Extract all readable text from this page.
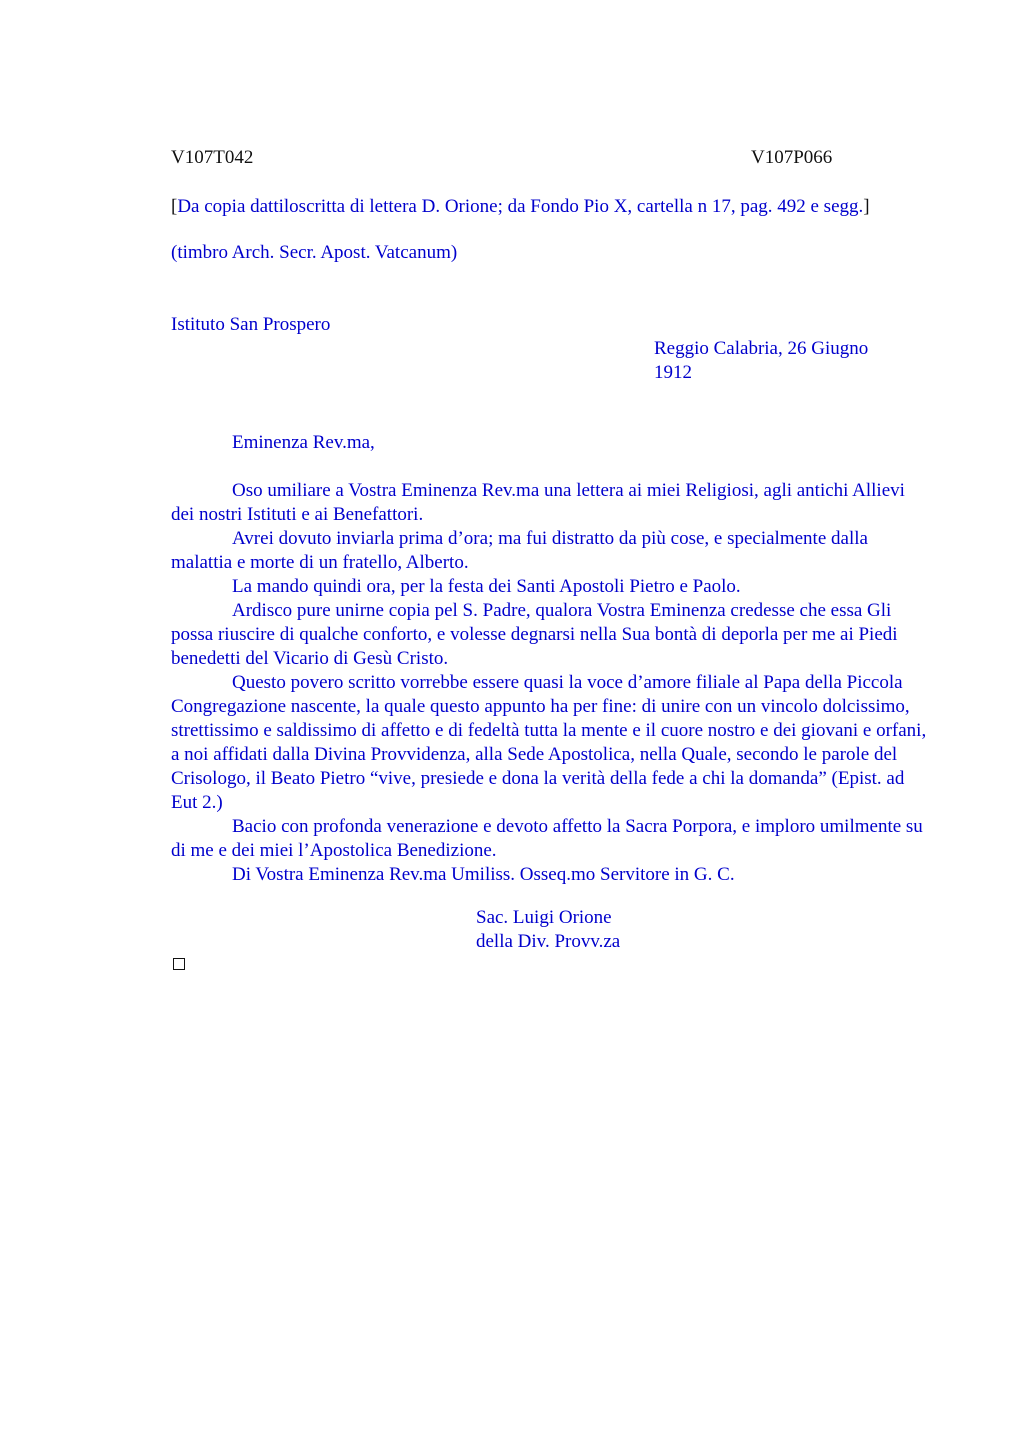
V107T042	V107P066
[Da copia dattiloscritta di lettera D. Orione; da Fondo Pio X, cartella n 17, pag. 492 e segg.]
(timbro Arch. Secr. Apost. Vatcanum)
Istituto San Prospero
Reggio Calabria, 26 Giugno 1912
Eminenza Rev.ma,

Oso umiliare a Vostra Eminenza Rev.ma una lettera ai miei Religiosi, agli antichi Allievi dei nostri Istituti e ai Benefattori.

Avrei dovuto inviarla prima d’ora; ma fui distratto da più cose, e specialmente dalla malattia e morte di un fratello, Alberto.

La mando quindi ora, per la festa dei Santi Apostoli Pietro e Paolo.

Ardisco pure unirne copia pel S. Padre, qualora Vostra Eminenza credesse che essa Gli possa riuscire di qualche conforto, e volesse degnarsi nella Sua bontà di deporla per me ai Piedi benedetti del Vicario di Gesù Cristo.

Questo povero scritto vorrebbe essere quasi la voce d’amore filiale al Papa della Piccola Congregazione nascente, la quale questo appunto ha per fine: di unire con un vincolo dolcissimo, strettissimo e saldissimo di affetto e di fedeltà tutta la mente e il cuore nostro e dei giovani e orfani, a noi affidati dalla Divina Provvidenza, alla Sede Apostolica, nella Quale, secondo le parole del Crisologo, il Beato Pietro “vive, presiede e dona la verità della fede a chi la domanda” (Epist. ad Eut 2.)

Bacio con profonda venerazione e devoto affetto la Sacra Porpora, e imploro umilmente su di me e dei miei l’Apostolica Benedizione.

Di Vostra Eminenza Rev.ma Umiliss. Osseq.mo Servitore in G. C.

Sac. Luigi Orione
della Div. Provv.za
